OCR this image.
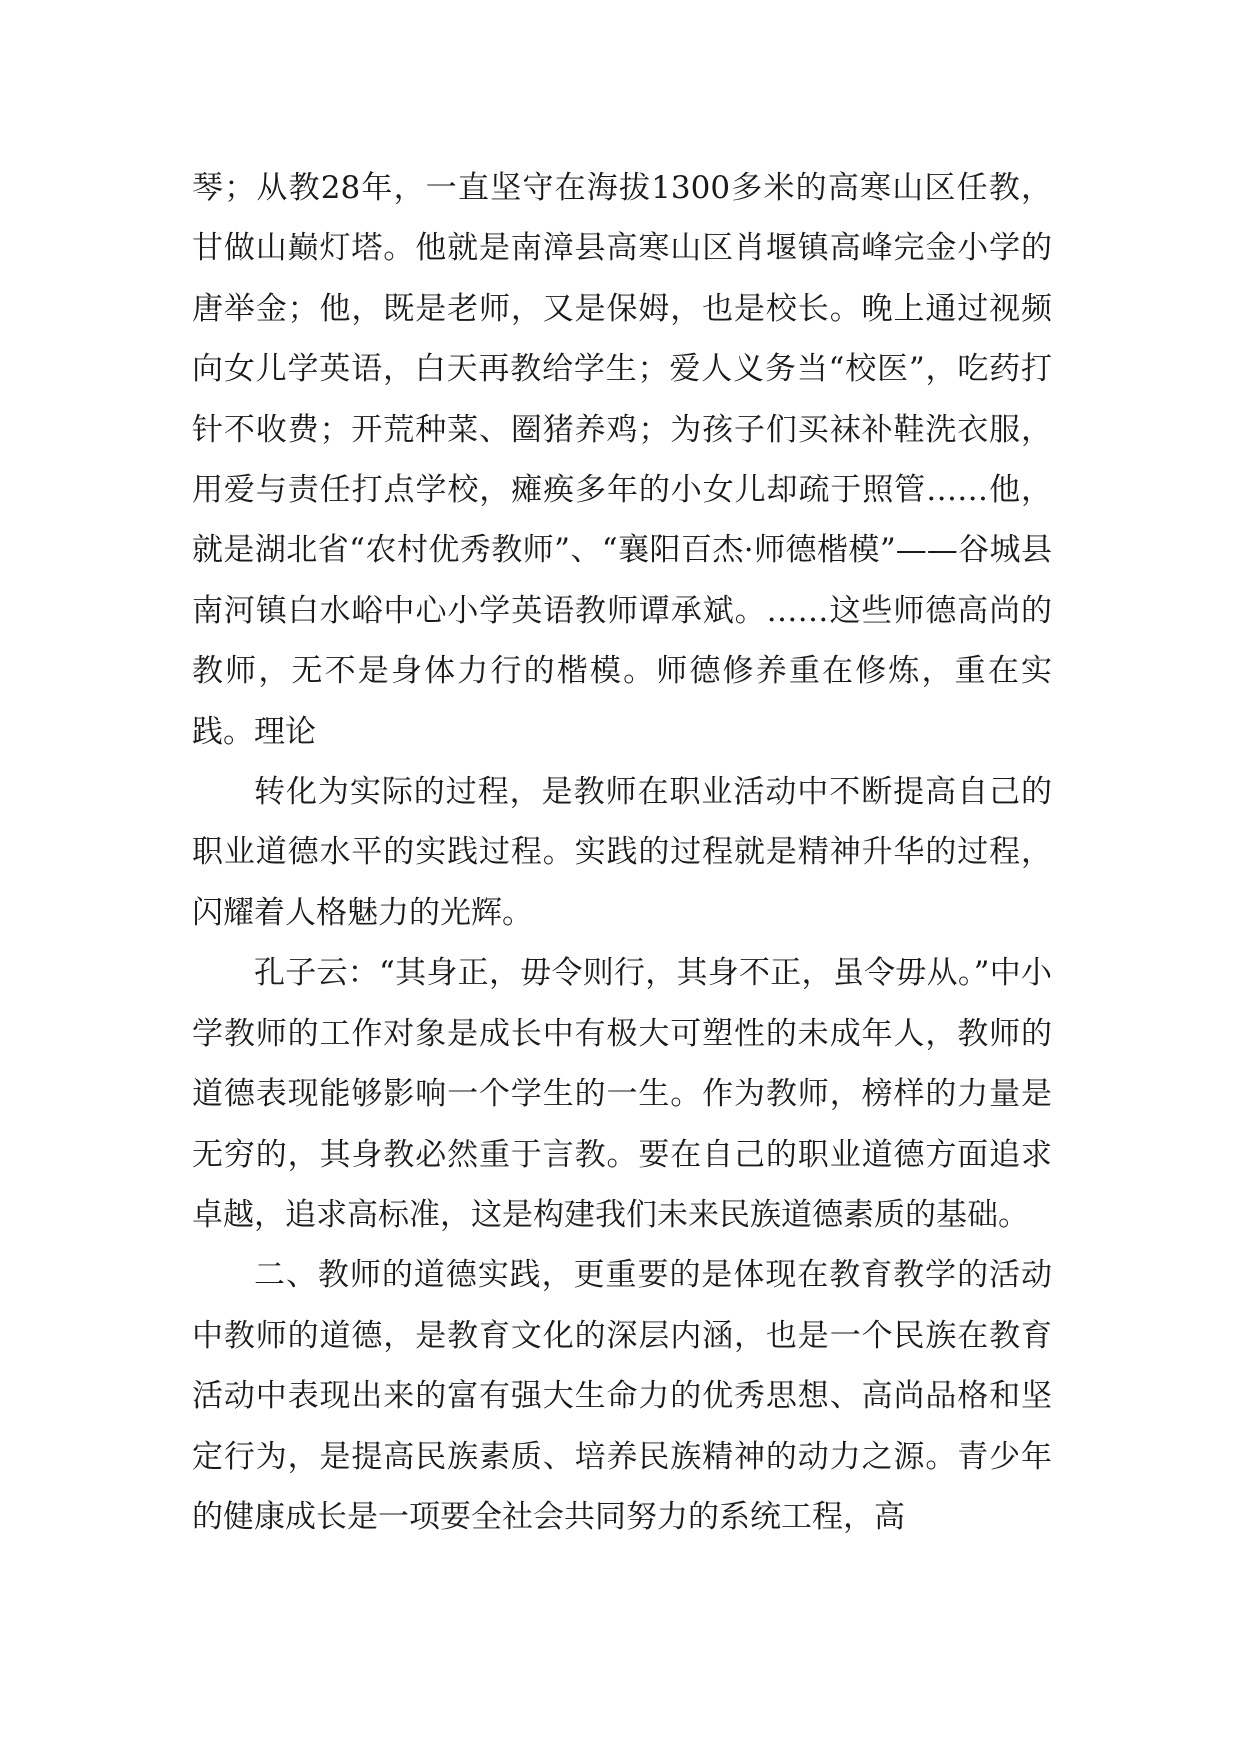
琴；从教28年，一直坚守在海拔1300多米的高寒山区任教，甘做山巅灯塔。他就是南漳县高寒山区肖堰镇高峰完金小学的唐举金；他，既是老师，又是保姆，也是校长。晚上通过视频向女儿学英语，白天再教给学生；爱人义务当“校医”，吃药打针不收费；开荒种菜、圈猪养鸡；为孩子们买袜补鞋洗衣服，用爱与责任打点学校，瘫痪多年的小女儿却疏于照管……他，就是湖北省“农村优秀教师”、“襄阳百杰·师德楷模”——谷城县南河镇白水峪中心小学英语教师谭承斌。……这些师德高尚的教师，无不是身体力行的楷模。师德修养重在修炼，重在实践。理论

转化为实际的过程，是教师在职业活动中不断提高自己的职业道德水平的实践过程。实践的过程就是精神升华的过程，闪耀着人格魅力的光辉。

孔子云：“其身正，毋令则行，其身不正，虽令毋从。”中小学教师的工作对象是成长中有极大可塑性的未成年人，教师的道德表现能够影响一个学生的一生。作为教师，榜样的力量是无穷的，其身教必然重于言教。要在自己的职业道德方面追求卓越，追求高标准，这是构建我们未来民族道德素质的基础。

二、教师的道德实践，更重要的是体现在教育教学的活动中教师的道德，是教育文化的深层内涵，也是一个民族在教育活动中表现出来的富有强大生命力的优秀思想、高尚品格和坚定行为，是提高民族素质、培养民族精神的动力之源。青少年的健康成长是一项要全社会共同努力的系统工程，高
